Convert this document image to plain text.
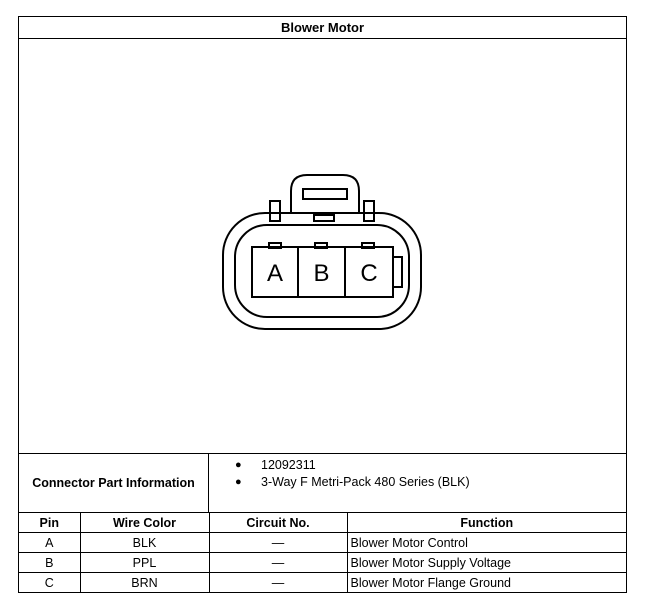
Blower Motor
A B C
Connector Part Information
●	12092311
●	3-Way F Metri-Pack 480 Series (BLK)
Pin	Wire Color	Circuit No.	Function
A	BLK	—	Blower Motor Control
B	PPL	—	Blower Motor Supply Voltage
C	BRN	—	Blower Motor Flange Ground
